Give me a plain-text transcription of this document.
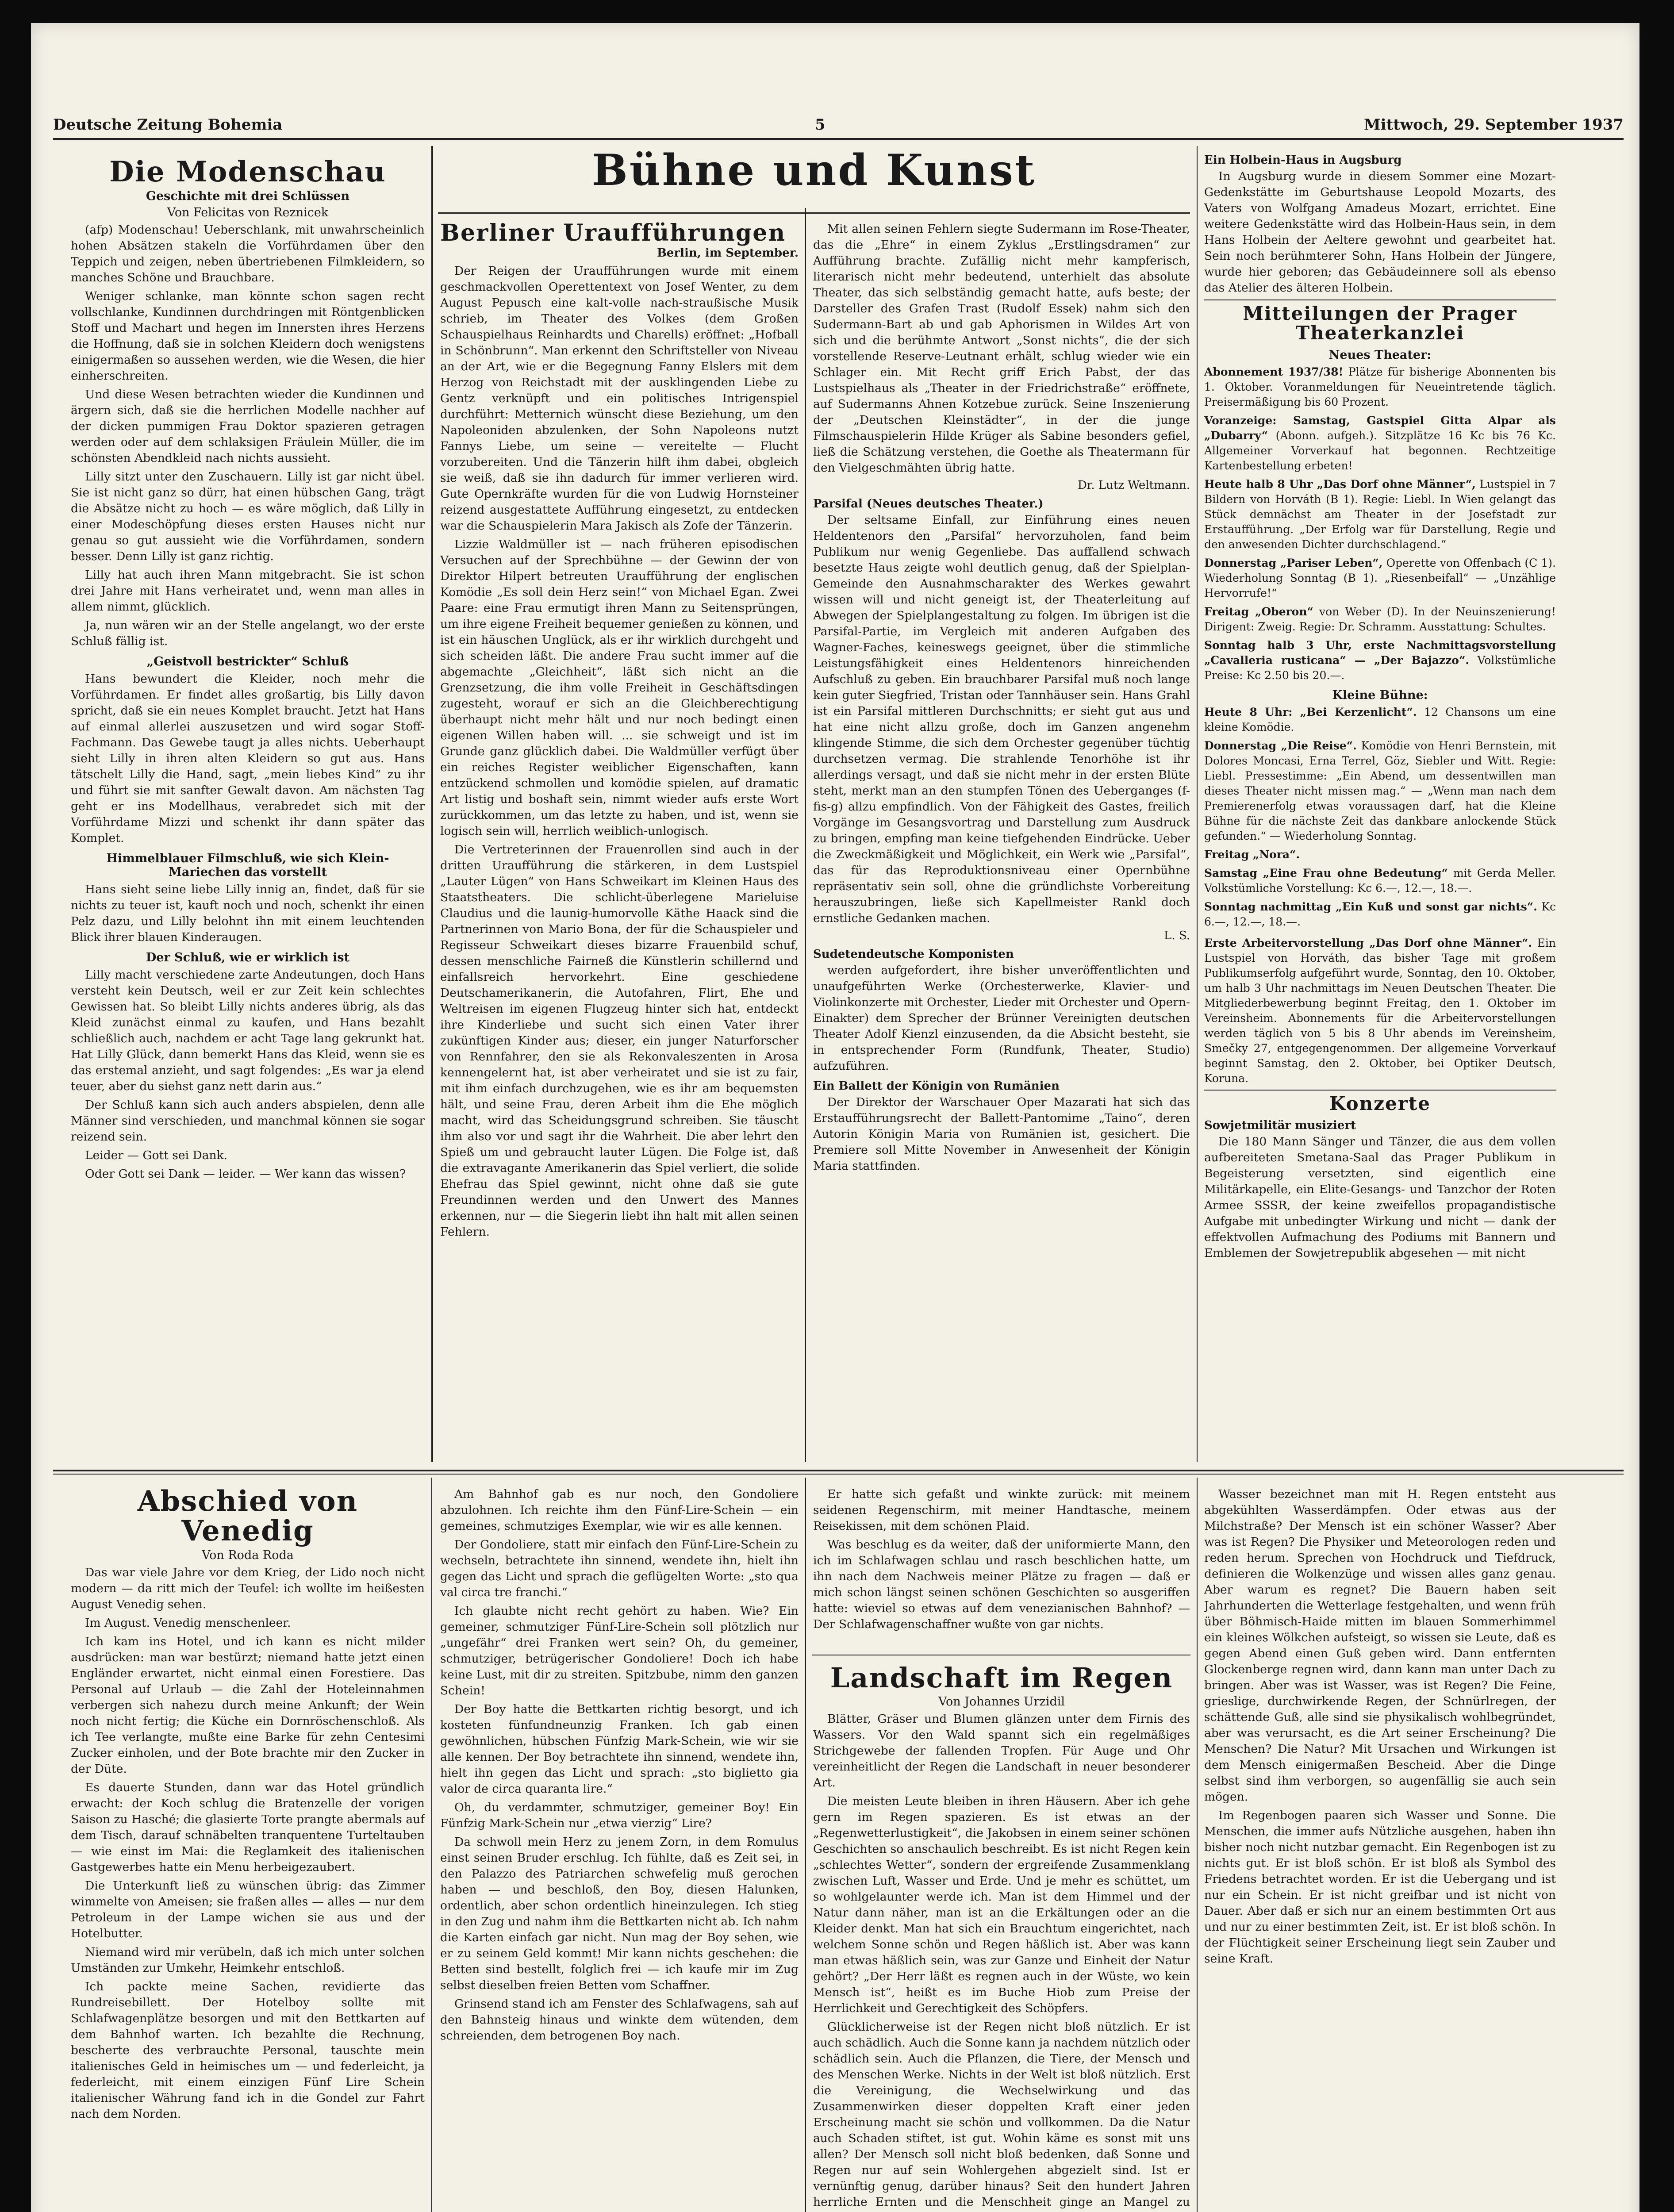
Deutsche Zeitung Bohemia	5	Mittwoch, 29. September 1937
Die Modenschau
Geschichte mit drei Schlüssen
Von Felicitas von Reznicek

(afp) Modenschau! Ueberschlank, mit unwahrscheinlich hohen Absätzen stakeln die Vorführdamen über den Teppich und zeigen, neben übertriebenen Filmkleidern, so manches Schöne und Brauchbare.

Weniger schlanke, man könnte schon sagen recht vollschlanke, Kundinnen durchdringen mit Röntgenblicken Stoff und Machart und hegen im Innersten ihres Herzens die Hoffnung, daß sie in solchen Kleidern doch wenigstens einigermaßen so aussehen werden, wie die Wesen, die hier einherschreiten.

Und diese Wesen betrachten wieder die Kundinnen und ärgern sich, daß sie die herrlichen Modelle nachher auf der dicken pummigen Frau Doktor spazieren getragen werden oder auf dem schlaksigen Fräulein Müller, die im schönsten Abendkleid nach nichts aussieht.

Lilly sitzt unter den Zuschauern. Lilly ist gar nicht übel. Sie ist nicht ganz so dürr, hat einen hübschen Gang, trägt die Absätze nicht zu hoch — es wäre möglich, daß Lilly in einer Modeschöpfung dieses ersten Hauses nicht nur genau so gut aussieht wie die Vorführdamen, sondern besser. Denn Lilly ist ganz richtig.

Lilly hat auch ihren Mann mitgebracht. Sie ist schon drei Jahre mit Hans verheiratet und, wenn man alles in allem nimmt, glücklich.

Ja, nun wären wir an der Stelle angelangt, wo der erste Schluß fällig ist.

„Geistvoll bestrickter“ Schluß

Hans bewundert die Kleider, noch mehr die Vorführdamen. Er findet alles großartig, bis Lilly davon spricht, daß sie ein neues Komplet braucht. Jetzt hat Hans auf einmal allerlei auszusetzen und wird sogar Stoff-Fachmann. Das Gewebe taugt ja alles nichts. Ueberhaupt sieht Lilly in ihren alten Kleidern so gut aus. Hans tätschelt Lilly die Hand, sagt, „mein liebes Kind“ zu ihr und führt sie mit sanfter Gewalt davon. Am nächsten Tag geht er ins Modellhaus, verabredet sich mit der Vorführdame Mizzi und schenkt ihr dann später das Komplet.

Himmelblauer Filmschluß, wie sich Klein-Mariechen das vorstellt

Hans sieht seine liebe Lilly innig an, findet, daß für sie nichts zu teuer ist, kauft noch und noch, schenkt ihr einen Pelz dazu, und Lilly belohnt ihn mit einem leuchtenden Blick ihrer blauen Kinderaugen.

Der Schluß, wie er wirklich ist

Lilly macht verschiedene zarte Andeutungen, doch Hans versteht kein Deutsch, weil er zur Zeit kein schlechtes Gewissen hat. So bleibt Lilly nichts anderes übrig, als das Kleid zunächst einmal zu kaufen, und Hans bezahlt schließlich auch, nachdem er acht Tage lang gekrunkt hat. Hat Lilly Glück, dann bemerkt Hans das Kleid, wenn sie es das erstemal anzieht, und sagt folgendes: „Es war ja elend teuer, aber du siehst ganz nett darin aus.“

Der Schluß kann sich auch anders abspielen, denn alle Männer sind verschieden, und manchmal können sie sogar reizend sein.

Leider — Gott sei Dank.

Oder Gott sei Dank — leider. — Wer kann das wissen?

Bühne und Kunst
Berliner Uraufführungen
Berlin, im September.

Der Reigen der Uraufführungen wurde mit einem geschmackvollen Operettentext von Josef Wenter, zu dem August Pepusch eine kalt-volle nach-straußische Musik schrieb, im Theater des Volkes (dem Großen Schauspielhaus Reinhardts und Charells) eröffnet: „Hofball in Schönbrunn“. Man erkennt den Schriftsteller von Niveau an der Art, wie er die Begegnung Fanny Elslers mit dem Herzog von Reichstadt mit der ausklingenden Liebe zu Gentz verknüpft und ein politisches Intrigenspiel durchführt: Metternich wünscht diese Beziehung, um den Napoleoniden abzulenken, der Sohn Napoleons nutzt Fannys Liebe, um seine — vereitelte — Flucht vorzubereiten. Und die Tänzerin hilft ihm dabei, obgleich sie weiß, daß sie ihn dadurch für immer verlieren wird. Gute Opernkräfte wurden für die von Ludwig Hornsteiner reizend ausgestattete Aufführung eingesetzt, zu entdecken war die Schauspielerin Mara Jakisch als Zofe der Tänzerin.

Lizzie Waldmüller ist — nach früheren episodischen Versuchen auf der Sprechbühne — der Gewinn der von Direktor Hilpert betreuten Uraufführung der englischen Komödie „Es soll dein Herz sein!“ von Michael Egan. Zwei Paare: eine Frau ermutigt ihren Mann zu Seitensprüngen, um ihre eigene Freiheit bequemer genießen zu können, und ist ein häuschen Unglück, als er ihr wirklich durchgeht und sich scheiden läßt. Die andere Frau sucht immer auf die abgemachte „Gleichheit“, läßt sich nicht an die Grenzsetzung, die ihm volle Freiheit in Geschäftsdingen zugesteht, worauf er sich an die Gleichberechtigung überhaupt nicht mehr hält und nur noch bedingt einen eigenen Willen haben will. ... sie schweigt und ist im Grunde ganz glücklich dabei. Die Waldmüller verfügt über ein reiches Register weiblicher Eigenschaften, kann entzückend schmollen und komödie spielen, auf dramatic Art listig und boshaft sein, nimmt wieder aufs erste Wort zurückkommen, um das letzte zu haben, und ist, wenn sie logisch sein will, herrlich weiblich-unlogisch.

Die Vertreterinnen der Frauenrollen sind auch in der dritten Uraufführung die stärkeren, in dem Lustspiel „Lauter Lügen“ von Hans Schweikart im Kleinen Haus des Staatstheaters. Die schlicht-überlegene Marieluise Claudius und die launig-humorvolle Käthe Haack sind die Partnerinnen von Mario Bona, der für die Schauspieler und Regisseur Schweikart dieses bizarre Frauenbild schuf, dessen menschliche Fairneß die Künstlerin schillernd und einfallsreich hervorkehrt. Eine geschiedene Deutschamerikanerin, die Autofahren, Flirt, Ehe und Weltreisen im eigenen Flugzeug hinter sich hat, entdeckt ihre Kinderliebe und sucht sich einen Vater ihrer zukünftigen Kinder aus; dieser, ein junger Naturforscher von Rennfahrer, den sie als Rekonvaleszenten in Arosa kennengelernt hat, ist aber verheiratet und sie ist zu fair, mit ihm einfach durchzugehen, wie es ihr am bequemsten hält, und seine Frau, deren Arbeit ihm die Ehe möglich macht, wird das Scheidungsgrund schreiben. Sie täuscht ihm also vor und sagt ihr die Wahrheit. Die aber lehrt den Spieß um und gebraucht lauter Lügen. Die Folge ist, daß die extravagante Amerikanerin das Spiel verliert, die solide Ehefrau das Spiel gewinnt, nicht ohne daß sie gute Freundinnen werden und den Unwert des Mannes erkennen, nur — die Siegerin liebt ihn halt mit allen seinen Fehlern.

Mit allen seinen Fehlern siegte Sudermann im Rose-Theater, das die „Ehre“ in einem Zyklus „Erstlingsdramen“ zur Aufführung brachte. Zufällig nicht mehr kampferisch, literarisch nicht mehr bedeutend, unterhielt das absolute Theater, das sich selbständig gemacht hatte, aufs beste; der Darsteller des Grafen Trast (Rudolf Essek) nahm sich den Sudermann-Bart ab und gab Aphorismen in Wildes Art von sich und die berühmte Antwort „Sonst nichts“, die der sich vorstellende Reserve-Leutnant erhält, schlug wieder wie ein Schlager ein. Mit Recht griff Erich Pabst, der das Lustspielhaus als „Theater in der Friedrichstraße“ eröffnete, auf Sudermanns Ahnen Kotzebue zurück. Seine Inszenierung der „Deutschen Kleinstädter“, in der die junge Filmschauspielerin Hilde Krüger als Sabine besonders gefiel, ließ die Schätzung verstehen, die Goethe als Theatermann für den Vielgeschmähten übrig hatte.

Dr. Lutz Weltmann.
Parsifal (Neues deutsches Theater.)

Der seltsame Einfall, zur Einführung eines neuen Heldentenors den „Parsifal“ hervorzuholen, fand beim Publikum nur wenig Gegenliebe. Das auffallend schwach besetzte Haus zeigte wohl deutlich genug, daß der Spielplan-Gemeinde den Ausnahmscharakter des Werkes gewahrt wissen will und nicht geneigt ist, der Theaterleitung auf Abwegen der Spielplangestaltung zu folgen. Im übrigen ist die Parsifal-Partie, im Vergleich mit anderen Aufgaben des Wagner-Faches, keineswegs geeignet, über die stimmliche Leistungsfähigkeit eines Heldentenors hinreichenden Aufschluß zu geben. Ein brauchbarer Parsifal muß noch lange kein guter Siegfried, Tristan oder Tannhäuser sein. Hans Grahl ist ein Parsifal mittleren Durchschnitts; er sieht gut aus und hat eine nicht allzu große, doch im Ganzen angenehm klingende Stimme, die sich dem Orchester gegenüber tüchtig durchsetzen vermag. Die strahlende Tenorhöhe ist ihr allerdings versagt, und daß sie nicht mehr in der ersten Blüte steht, merkt man an den stumpfen Tönen des Ueberganges (f-fis-g) allzu empfindlich. Von der Fähigkeit des Gastes, freilich Vorgänge im Gesangsvortrag und Darstellung zum Ausdruck zu bringen, empfing man keine tiefgehenden Eindrücke. Ueber die Zweckmäßigkeit und Möglichkeit, ein Werk wie „Parsifal“, das für das Reproduktionsniveau einer Opernbühne repräsentativ sein soll, ohne die gründlichste Vorbereitung herauszubringen, ließe sich Kapellmeister Rankl doch ernstliche Gedanken machen.

L. S.
Sudetendeutsche Komponisten

werden aufgefordert, ihre bisher unveröffentlichten und unaufgeführten Werke (Orchesterwerke, Klavier- und Violinkonzerte mit Orchester, Lieder mit Orchester und Opern-Einakter) dem Sprecher der Brünner Vereinigten deutschen Theater Adolf Kienzl einzusenden, da die Absicht besteht, sie in entsprechender Form (Rundfunk, Theater, Studio) aufzuführen.

Ein Ballett der Königin von Rumänien

Der Direktor der Warschauer Oper Mazarati hat sich das Erstaufführungsrecht der Ballett-Pantomime „Taino“, deren Autorin Königin Maria von Rumänien ist, gesichert. Die Premiere soll Mitte November in Anwesenheit der Königin Maria stattfinden.

Ein Holbein-Haus in Augsburg

In Augsburg wurde in diesem Sommer eine Mozart-Gedenkstätte im Geburtshause Leopold Mozarts, des Vaters von Wolfgang Amadeus Mozart, errichtet. Eine weitere Gedenkstätte wird das Holbein-Haus sein, in dem Hans Holbein der Aeltere gewohnt und gearbeitet hat. Sein noch berühmterer Sohn, Hans Holbein der Jüngere, wurde hier geboren; das Gebäudeinnere soll als ebenso das Atelier des älteren Holbein.

Mitteilungen der Prager Theaterkanzlei
Neues Theater:

Abonnement 1937/38! Plätze für bisherige Abonnenten bis 1. Oktober. Voranmeldungen für Neueintretende täglich. Preisermäßigung bis 60 Prozent.

Voranzeige: Samstag, Gastspiel Gitta Alpar als „Dubarry“ (Abonn. aufgeh.). Sitzplätze 16 Kc bis 76 Kc. Allgemeiner Vorverkauf hat begonnen. Rechtzeitige Kartenbestellung erbeten!

Heute halb 8 Uhr „Das Dorf ohne Männer“, Lustspiel in 7 Bildern von Horváth (B 1). Regie: Liebl. In Wien gelangt das Stück demnächst am Theater in der Josefstadt zur Erstaufführung. „Der Erfolg war für Darstellung, Regie und den anwesenden Dichter durchschlagend.“

Donnerstag „Pariser Leben“, Operette von Offenbach (C 1). Wiederholung Sonntag (B 1). „Riesenbeifall“ — „Unzählige Hervorrufe!“

Freitag „Oberon“ von Weber (D). In der Neuinszenierung! Dirigent: Zweig. Regie: Dr. Schramm. Ausstattung: Schultes.

Sonntag halb 3 Uhr, erste Nachmittagsvorstellung „Cavalleria rusticana“ — „Der Bajazzo“. Volkstümliche Preise: Kc 2.50 bis 20.—.

Kleine Bühne:

Heute 8 Uhr: „Bei Kerzenlicht“. 12 Chansons um eine kleine Komödie.

Donnerstag „Die Reise“. Komödie von Henri Bernstein, mit Dolores Moncasi, Erna Terrel, Göz, Siebler und Witt. Regie: Liebl. Pressestimme: „Ein Abend, um dessentwillen man dieses Theater nicht missen mag.“ — „Wenn man nach dem Premierenerfolg etwas voraussagen darf, hat die Kleine Bühne für die nächste Zeit das dankbare anlockende Stück gefunden.“ — Wiederholung Sonntag.

Freitag „Nora“.

Samstag „Eine Frau ohne Bedeutung“ mit Gerda Meller. Volkstümliche Vorstellung: Kc 6.—, 12.—, 18.—.

Sonntag nachmittag „Ein Kuß und sonst gar nichts“. Kc 6.—, 12.—, 18.—.

Erste Arbeitervorstellung „Das Dorf ohne Männer“. Ein Lustspiel von Horváth, das bisher Tage mit großem Publikumserfolg aufgeführt wurde, Sonntag, den 10. Oktober, um halb 3 Uhr nachmittags im Neuen Deutschen Theater. Die Mitgliederbewerbung beginnt Freitag, den 1. Oktober im Vereinsheim. Abonnements für die Arbeitervorstellungen werden täglich von 5 bis 8 Uhr abends im Vereinsheim, Smečky 27, entgegengenommen. Der allgemeine Vorverkauf beginnt Samstag, den 2. Oktober, bei Optiker Deutsch, Koruna.

Konzerte
Sowjetmilitär musiziert

Die 180 Mann Sänger und Tänzer, die aus dem vollen aufbereiteten Smetana-Saal das Prager Publikum in Begeisterung versetzten, sind eigentlich eine Militärkapelle, ein Elite-Gesangs- und Tanzchor der Roten Armee SSSR, der keine zweifellos propagandistische Aufgabe mit unbedingter Wirkung und nicht — dank der effektvollen Aufmachung des Podiums mit Bannern und Emblemen der Sowjetrepublik abgesehen — mit nicht

Abschied von Venedig
Von Roda Roda

Das war viele Jahre vor dem Krieg, der Lido noch nicht modern — da ritt mich der Teufel: ich wollte im heißesten August Venedig sehen.

Im August. Venedig menschenleer.

Ich kam ins Hotel, und ich kann es nicht milder ausdrücken: man war bestürzt; niemand hatte jetzt einen Engländer erwartet, nicht einmal einen Forestiere. Das Personal auf Urlaub — die Zahl der Hoteleinnahmen verbergen sich nahezu durch meine Ankunft; der Wein noch nicht fertig; die Küche ein Dornröschenschloß. Als ich Tee verlangte, mußte eine Barke für zehn Centesimi Zucker einholen, und der Bote brachte mir den Zucker in der Düte.

Es dauerte Stunden, dann war das Hotel gründlich erwacht: der Koch schlug die Bratenzelle der vorigen Saison zu Hasché; die glasierte Torte prangte abermals auf dem Tisch, darauf schnäbelten tranquentene Turteltauben — wie einst im Mai: die Reglamkeit des italienischen Gastgewerbes hatte ein Menu herbeigezaubert.

Die Unterkunft ließ zu wünschen übrig: das Zimmer wimmelte von Ameisen; sie fraßen alles — alles — nur dem Petroleum in der Lampe wichen sie aus und der Hotelbutter.

Niemand wird mir verübeln, daß ich mich unter solchen Umständen zur Umkehr, Heimkehr entschloß.

Ich packte meine Sachen, revidierte das Rundreisebillett. Der Hotelboy sollte mit Schlafwagenplätze besorgen und mit den Bettkarten auf dem Bahnhof warten. Ich bezahlte die Rechnung, bescherte des verbrauchte Personal, tauschte mein italienisches Geld in heimisches um — und federleicht, ja federleicht, mit einem einzigen Fünf Lire Schein italienischer Währung fand ich in die Gondel zur Fahrt nach dem Norden.

Am Bahnhof gab es nur noch, den Gondoliere abzulohnen. Ich reichte ihm den Fünf-Lire-Schein — ein gemeines, schmutziges Exemplar, wie wir es alle kennen.

Der Gondoliere, statt mir einfach den Fünf-Lire-Schein zu wechseln, betrachtete ihn sinnend, wendete ihn, hielt ihn gegen das Licht und sprach die geflügelten Worte: „sto qua val circa tre franchi.“

Ich glaubte nicht recht gehört zu haben. Wie? Ein gemeiner, schmutziger Fünf-Lire-Schein soll plötzlich nur „ungefähr“ drei Franken wert sein? Oh, du gemeiner, schmutziger, betrügerischer Gondoliere! Doch ich habe keine Lust, mit dir zu streiten. Spitzbube, nimm den ganzen Schein!

Der Boy hatte die Bettkarten richtig besorgt, und ich kosteten fünfundneunzig Franken. Ich gab einen gewöhnlichen, hübschen Fünfzig Mark-Schein, wie wir sie alle kennen. Der Boy betrachtete ihn sinnend, wendete ihn, hielt ihn gegen das Licht und sprach: „sto biglietto gia valor de circa quaranta lire.“

Oh, du verdammter, schmutziger, gemeiner Boy! Ein Fünfzig Mark-Schein nur „etwa vierzig“ Lire?

Da schwoll mein Herz zu jenem Zorn, in dem Romulus einst seinen Bruder erschlug. Ich fühlte, daß es Zeit sei, in den Palazzo des Patriarchen schwefelig muß gerochen haben — und beschloß, den Boy, diesen Halunken, ordentlich, aber schon ordentlich hineinzulegen. Ich stieg in den Zug und nahm ihm die Bettkarten nicht ab. Ich nahm die Karten einfach gar nicht. Nun mag der Boy sehen, wie er zu seinem Geld kommt! Mir kann nichts geschehen: die Betten sind bestellt, folglich frei — ich kaufe mir im Zug selbst dieselben freien Betten vom Schaffner.

Grinsend stand ich am Fenster des Schlafwagens, sah auf den Bahnsteig hinaus und winkte dem wütenden, dem schreienden, dem betrogenen Boy nach.

Er hatte sich gefaßt und winkte zurück: mit meinem seidenen Regenschirm, mit meiner Handtasche, meinem Reisekissen, mit dem schönen Plaid.

Was beschlug es da weiter, daß der uniformierte Mann, den ich im Schlafwagen schlau und rasch beschlichen hatte, um ihn nach dem Nachweis meiner Plätze zu fragen — daß er mich schon längst seinen schönen Geschichten so ausgeriffen hatte: wieviel so etwas auf dem venezianischen Bahnhof? — Der Schlafwagenschaffner wußte von gar nichts.

Landschaft im Regen
Von Johannes Urzidil

Blätter, Gräser und Blumen glänzen unter dem Firnis des Wassers. Vor den Wald spannt sich ein regelmäßiges Strichgewebe der fallenden Tropfen. Für Auge und Ohr vereinheitlicht der Regen die Landschaft in neuer besonderer Art.

Die meisten Leute bleiben in ihren Häusern. Aber ich gehe gern im Regen spazieren. Es ist etwas an der „Regenwetterlustigkeit“, die Jakobsen in einem seiner schönen Geschichten so anschaulich beschreibt. Es ist nicht Regen kein „schlechtes Wetter“, sondern der ergreifende Zusammenklang zwischen Luft, Wasser und Erde. Und je mehr es schüttet, um so wohlgelaunter werde ich. Man ist dem Himmel und der Natur dann näher, man ist an die Erkältungen oder an die Kleider denkt. Man hat sich ein Brauchtum eingerichtet, nach welchem Sonne schön und Regen häßlich ist. Aber was kann man etwas häßlich sein, was zur Ganze und Einheit der Natur gehört? „Der Herr läßt es regnen auch in der Wüste, wo kein Mensch ist“, heißt es im Buche Hiob zum Preise der Herrlichkeit und Gerechtigkeit des Schöpfers.

Glücklicherweise ist der Regen nicht bloß nützlich. Er ist auch schädlich. Auch die Sonne kann ja nachdem nützlich oder schädlich sein. Auch die Pflanzen, die Tiere, der Mensch und des Menschen Werke. Nichts in der Welt ist bloß nützlich. Erst die Vereinigung, die Wechselwirkung und das Zusammenwirken dieser doppelten Kraft einer jeden Erscheinung macht sie schön und vollkommen. Da die Natur auch Schaden stiftet, ist gut. Wohin käme es sonst mit uns allen? Der Mensch soll nicht bloß bedenken, daß Sonne und Regen nur auf sein Wohlergehen abgezielt sind. Ist er vernünftig genug, darüber hinaus? Seit den hundert Jahren herrliche Ernten und die Menschheit ginge an Mangel zu

Wasser bezeichnet man mit H. Regen entsteht aus abgekühlten Wasserdämpfen. Oder etwas aus der Milchstraße? Der Mensch ist ein schöner Wasser? Aber was ist Regen? Die Physiker und Meteorologen reden und reden herum. Sprechen von Hochdruck und Tiefdruck, definieren die Wolkenzüge und wissen alles ganz genau. Aber warum es regnet? Die Bauern haben seit Jahrhunderten die Wetterlage festgehalten, und wenn früh über Böhmisch-Haide mitten im blauen Sommerhimmel ein kleines Wölkchen aufsteigt, so wissen sie Leute, daß es gegen Abend einen Guß geben wird. Dann entfernten Glockenberge regnen wird, dann kann man unter Dach zu bringen. Aber was ist Wasser, was ist Regen? Die Feine, grieslige, durchwirkende Regen, der Schnürlregen, der schättende Guß, alle sind sie physikalisch wohlbegründet, aber was verursacht, es die Art seiner Erscheinung? Die Menschen? Die Natur? Mit Ursachen und Wirkungen ist dem Mensch einigermaßen Bescheid. Aber die Dinge selbst sind ihm verborgen, so augenfällig sie auch sein mögen.

Im Regenbogen paaren sich Wasser und Sonne. Die Menschen, die immer aufs Nützliche ausgehen, haben ihn bisher noch nicht nutzbar gemacht. Ein Regenbogen ist zu nichts gut. Er ist bloß schön. Er ist bloß als Symbol des Friedens betrachtet worden. Er ist die Uebergang und ist nur ein Schein. Er ist nicht greifbar und ist nicht von Dauer. Aber daß er sich nur an einem bestimmten Ort aus und nur zu einer bestimmten Zeit, ist. Er ist bloß schön. In der Flüchtigkeit seiner Erscheinung liegt sein Zauber und seine Kraft.
